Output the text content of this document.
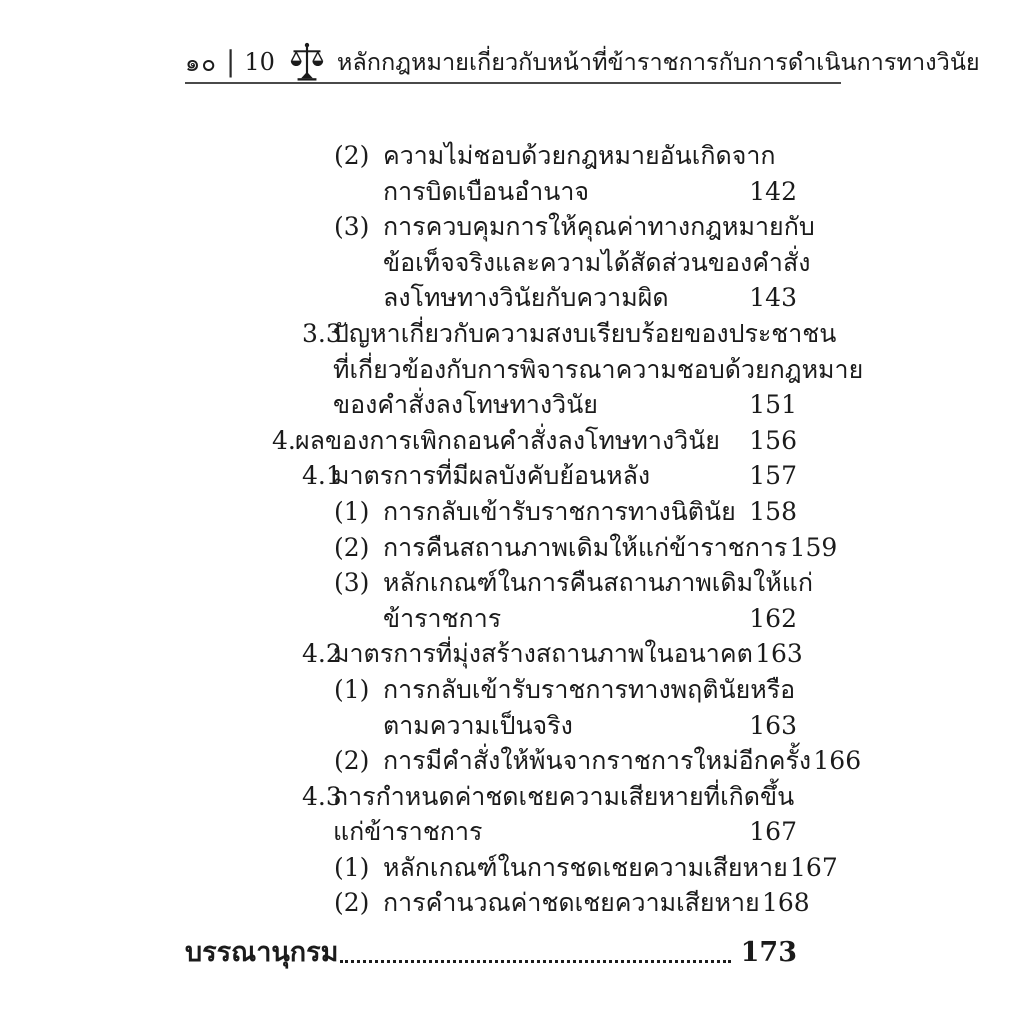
๑๐ | 10	หลักกฎหมายเกี่ยวกับหน้าที่ข้าราชการกับการดำเนินการทางวินัย
(2) ความไม่ชอบด้วยกฎหมายอันเกิดจาก
การบิดเบือนอำนาจ	142
(3) การควบคุมการให้คุณค่าทางกฎหมายกับ
ข้อเท็จจริงและความได้สัดส่วนของคำสั่ง
ลงโทษทางวินัยกับความผิด	143
3.3
ปัญหาเกี่ยวกับความสงบเรียบร้อยของประชาชน
ที่เกี่ยวข้องกับการพิจารณาความชอบด้วยกฎหมาย
ของคำสั่งลงโทษทางวินัย	151
4. ผลของการเพิกถอนคำสั่งลงโทษทางวินัย 156
4.1
มาตรการที่มีผลบังคับย้อนหลัง	157
(1) การกลับเข้ารับราชการทางนิตินัย 158
(2) การคืนสถานภาพเดิมให้แก่ข้าราชการ 159
(3) หลักเกณฑ์ในการคืนสถานภาพเดิมให้แก่
ข้าราชการ	162
4.2
มาตรการที่มุ่งสร้างสถานภาพในอนาคต 163
(1) การกลับเข้ารับราชการทางพฤตินัยหรือ
ตามความเป็นจริง	163
(2) การมีคำสั่งให้พ้นจากราชการใหม่อีกครั้ง 166
4.3
การกำหนดค่าชดเชยความเสียหายที่เกิดขึ้น
แก่ข้าราชการ	167
(1) หลักเกณฑ์ในการชดเชยความเสียหาย 167
(2) การคำนวณค่าชดเชยความเสียหาย 168
บรรณานุกรม	173
